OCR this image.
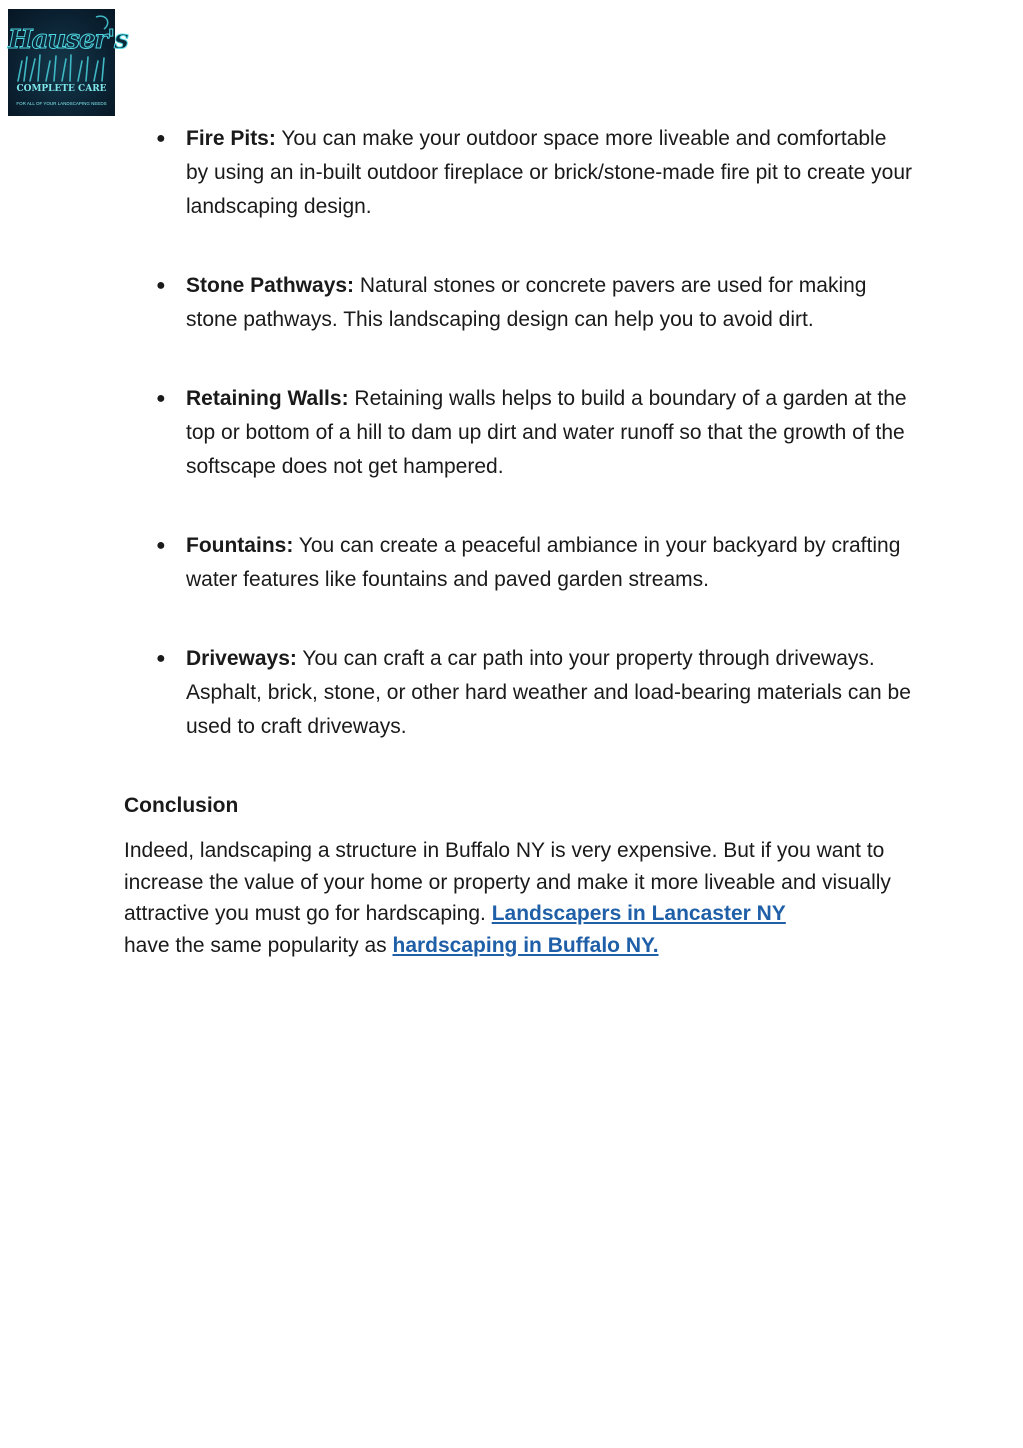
Hauser's
COMPLETE CARE
FOR ALL OF YOUR LANDSCAPING NEEDS
● Fire Pits: You can make your outdoor space more liveable and comfortable by using an in-built outdoor fireplace or brick/stone-made fire pit to create your landscaping design.
● Stone Pathways: Natural stones or concrete pavers are used for making stone pathways. This landscaping design can help you to avoid dirt.
● Retaining Walls: Retaining walls helps to build a boundary of a garden at the top or bottom of a hill to dam up dirt and water runoff so that the growth of the softscape does not get hampered.
● Fountains: You can create a peaceful ambiance in your backyard by crafting water features like fountains and paved garden streams.
● Driveways: You can craft a car path into your property through driveways. Asphalt, brick, stone, or other hard weather and load-bearing materials can be used to craft driveways.
Conclusion

Indeed, landscaping a structure in Buffalo NY is very expensive. But if you want to increase the value of your home or property and make it more liveable and visually attractive you must go for hardscaping. Landscapers in Lancaster NY
have the same popularity as hardscaping in Buffalo NY.
